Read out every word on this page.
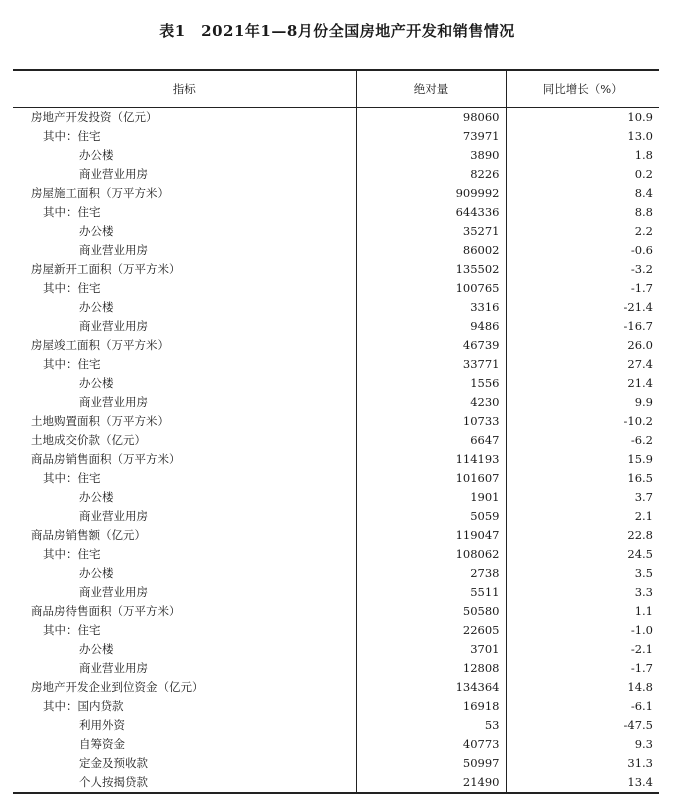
表1　2021年1—8月份全国房地产开发和销售情况
指标	绝对量	同比增长（%）
房地产开发投资（亿元）	98060	10.9
其中：住宅	73971	13.0
办公楼	3890	1.8
商业营业用房	8226	0.2
房屋施工面积（万平方米）	909992	8.4
其中：住宅	644336	8.8
办公楼	35271	2.2
商业营业用房	86002	-0.6
房屋新开工面积（万平方米）	135502	-3.2
其中：住宅	100765	-1.7
办公楼	3316	-21.4
商业营业用房	9486	-16.7
房屋竣工面积（万平方米）	46739	26.0
其中：住宅	33771	27.4
办公楼	1556	21.4
商业营业用房	4230	9.9
土地购置面积（万平方米）	10733	-10.2
土地成交价款（亿元）	6647	-6.2
商品房销售面积（万平方米）	114193	15.9
其中：住宅	101607	16.5
办公楼	1901	3.7
商业营业用房	5059	2.1
商品房销售额（亿元）	119047	22.8
其中：住宅	108062	24.5
办公楼	2738	3.5
商业营业用房	5511	3.3
商品房待售面积（万平方米）	50580	1.1
其中：住宅	22605	-1.0
办公楼	3701	-2.1
商业营业用房	12808	-1.7
房地产开发企业到位资金（亿元）	134364	14.8
其中：国内贷款	16918	-6.1
利用外资	53	-47.5
自筹资金	40773	9.3
定金及预收款	50997	31.3
个人按揭贷款	21490	13.4
